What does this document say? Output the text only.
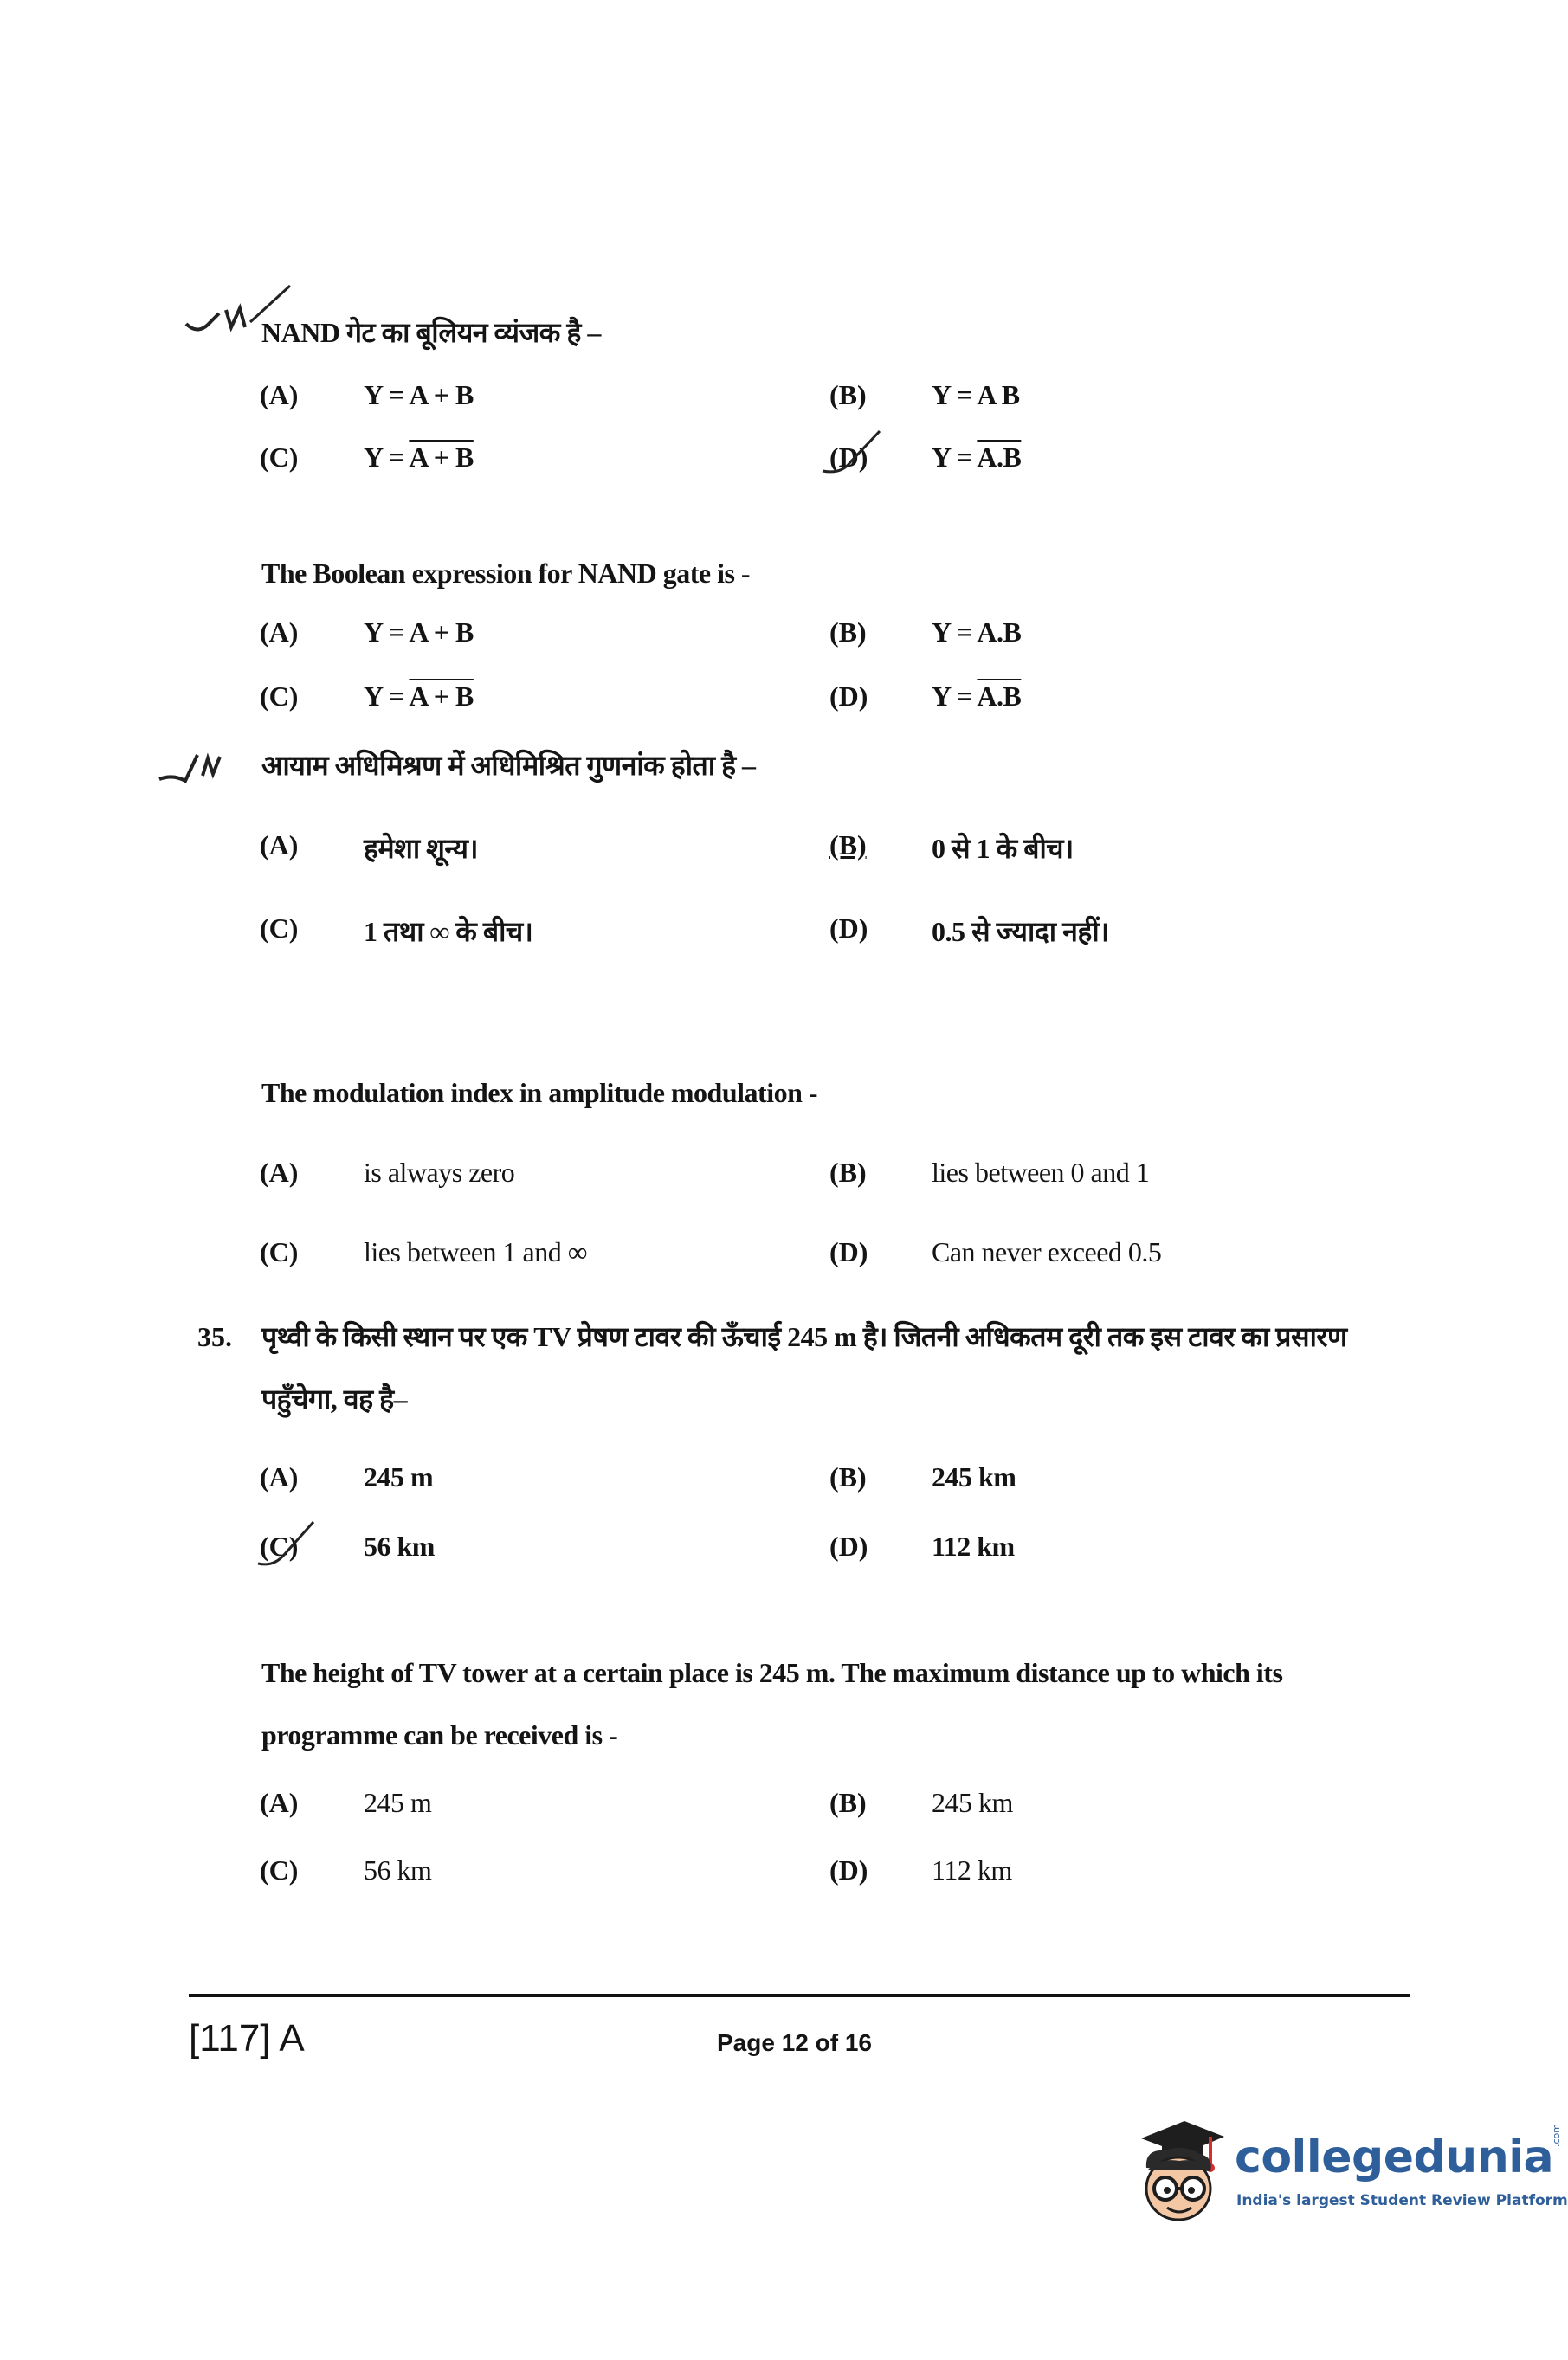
NAND गेट का बूलियन व्यंजक है –
(A) Y = A + B	(B) Y = A B
(C) Y = A + B	(D) Y = A.B
The Boolean expression for NAND gate is -
(A) Y = A + B	(B) Y = A.B
(C) Y = A + B	(D) Y = A.B
आयाम अधिमिश्रण में अधिमिश्रित गुणनांक होता है –
(A) हमेशा शून्य।	(B) 0 से 1 के बीच।
(C) 1 तथा ∞ के बीच।	(D) 0.5 से ज्यादा नहीं।
The modulation index in amplitude modulation -
(A) is always zero	(B) lies between 0 and 1
(C) lies between 1 and ∞	(D) Can never exceed 0.5
35. पृथ्वी के किसी स्थान पर एक TV प्रेषण टावर की ऊँचाई 245 m है। जितनी अधिकतम दूरी तक इस टावर का प्रसारण पहुँचेगा, वह है–
(A) 245 m	(B) 245 km
(C) 56 km	(D) 112 km
The height of TV tower at a certain place is 245 m. The maximum distance up to which its programme can be received is -
(A) 245 m	(B) 245 km
(C) 56 km	(D) 112 km
[117] A	Page 12 of 16
collegedunia
.com
India's largest Student Review Platform
